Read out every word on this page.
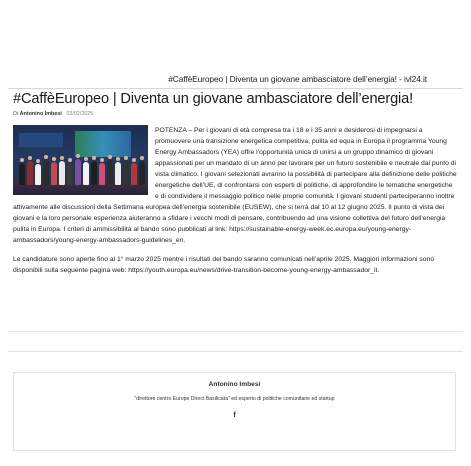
#CaffèEuropeo | Diventa un giovane ambasciatore dell’energia! - ivl24.it
#CaffèEuropeo | Diventa un giovane ambasciatore dell’energia!
Di Antonino Imbesi 03/02/2025

POTENZA – Per i giovani di età compresa tra i 18 e i 35 anni e desiderosi di impegnarsi a promuovere una transizione energetica competitiva, pulita ed equa in Europa il programma Young Energy Ambassadors (YEA) offre l’opportunità unica di unirsi a un gruppo dinamico di giovani appassionati per un mandato di un anno per lavorare per un futuro sostenibile e neutrale dal punto di vista climatico. I giovani selezionati avranno la possibilità di partecipare alla definizione delle politiche energetiche dell’UE, di confrontarsi con esperti di politiche, di approfondire le tematiche energetiche e di condividere il messaggio politico nelle proprie comunità. I giovani studenti parteciperanno inoltre attivamente alle discussioni della Settimana europea dell’energia sostenibile (EUSEW), che si terrà dal 10 al 12 giugno 2025. Il punto di vista dei giovani e la loro personale esperienza aiuteranno a sfidare i vecchi modi di pensare, contribuendo ad una visione collettiva del futuro dell’energia pulita in Europa. I criteri di ammissibilità al bando sono pubblicati al link: https://sustainable-energy-week.ec.europa.eu/young-energy-ambassadors/young-energy-ambassadors-guidelines_en.

Le candidature sono aperte fino al 1° marzo 2025 mentre i risultati del bando saranno comunicati nell’aprile 2025. Maggiori informazioni sono disponibili sulla seguente pagina web: https://youth.europa.eu/news/drive-transition-become-young-energy-ambassador_it.

Antonino Imbesi
"direttore centro Europe Direct Basilicata" ed esperto di politiche comunitarie ed startup
f
